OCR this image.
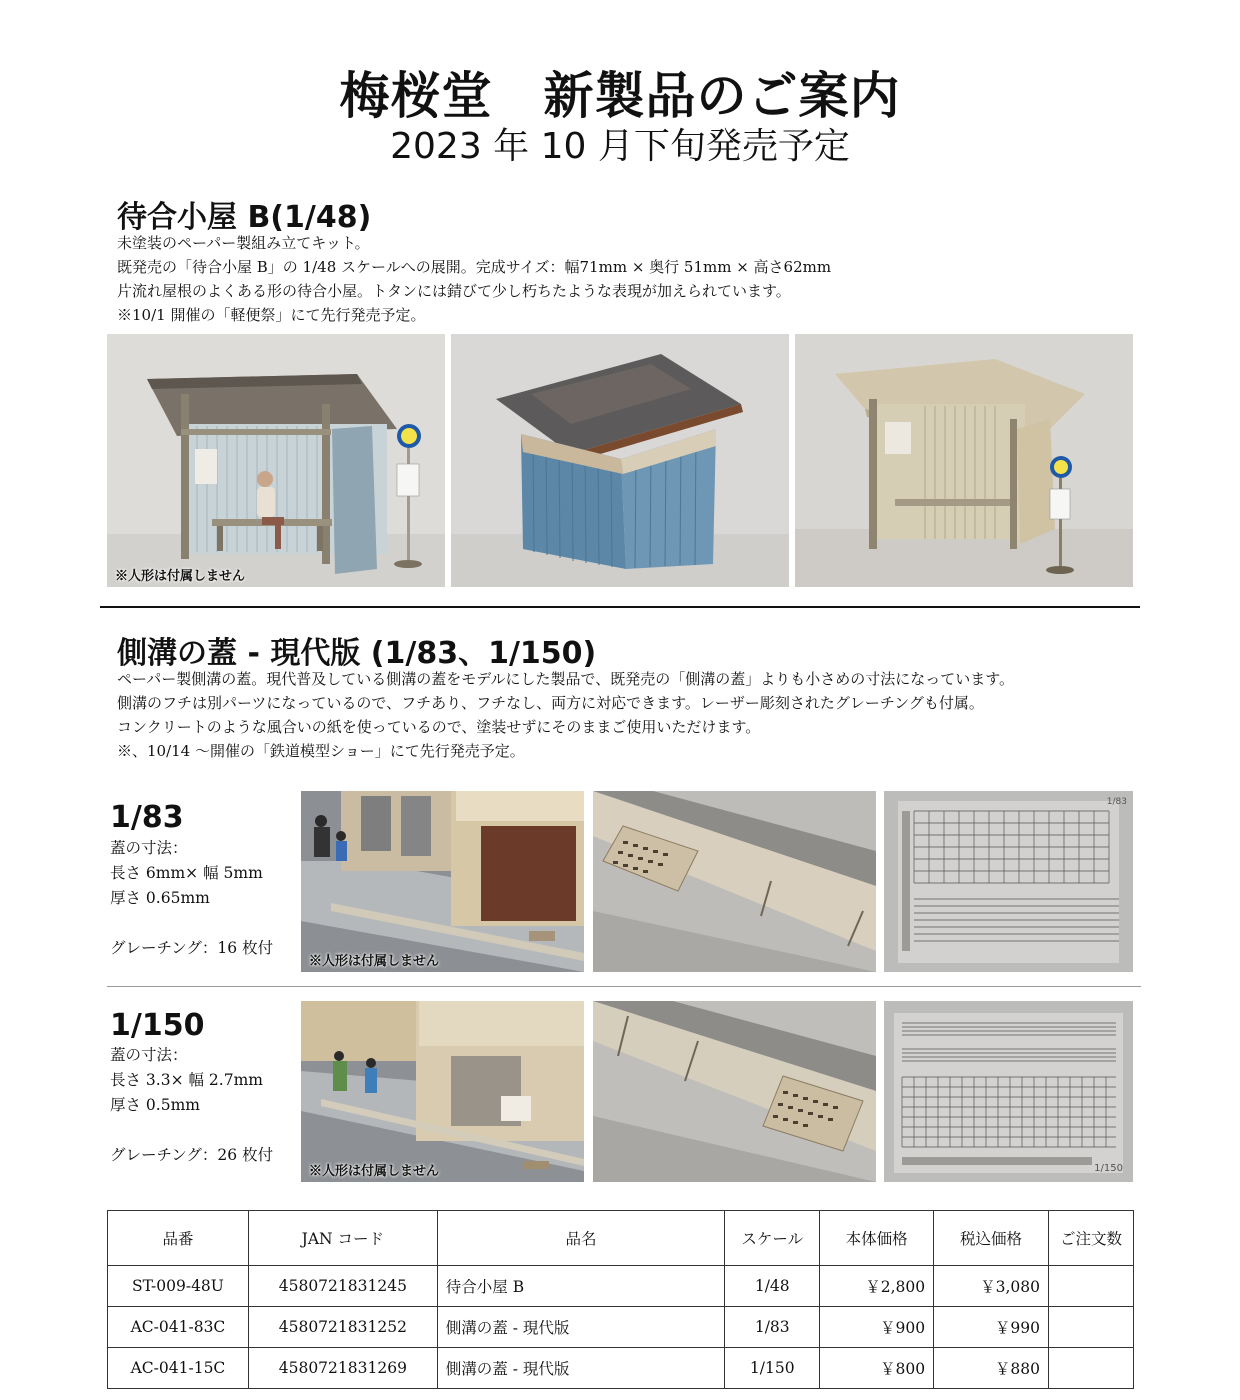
梅桜堂　新製品のご案内
2023 年 10 月下旬発売予定
待合小屋 B(1/48)
未塗装のペーパー製組み立てキット。
既発売の「待合小屋 B」の 1/48 スケールへの展開。完成サイズ：幅71mm × 奥行 51mm × 高さ62mm
片流れ屋根のよくある形の待合小屋。トタンには錆びて少し朽ちたような表現が加えられています。
※10/1 開催の「軽便祭」にて先行発売予定。
※人形は付属しません
側溝の蓋 - 現代版 (1/83、1/150)
ペーパー製側溝の蓋。現代普及している側溝の蓋をモデルにした製品で、既発売の「側溝の蓋」よりも小さめの寸法になっています。
側溝のフチは別パーツになっているので、フチあり、フチなし、両方に対応できます。レーザー彫刻されたグレーチングも付属。
コンクリートのような風合いの紙を使っているので、塗装せずにそのままご使用いただけます。
※、10/14 〜開催の「鉄道模型ショー」にて先行発売予定。
1/83
蓋の寸法：
長さ 6mm× 幅 5mm
厚さ 0.65mm
グレーチング：16 枚付
※人形は付属しません
1/83
1/150
蓋の寸法：
長さ 3.3× 幅 2.7mm
厚さ 0.5mm
グレーチング：26 枚付
※人形は付属しません	1/150
品番	JAN コード	品名	スケール	本体価格	税込価格	ご注文数
ST-009-48U	4580721831245	待合小屋 B	1/48	￥2,800	￥3,080	
AC-041-83C	4580721831252	側溝の蓋 - 現代版	1/83	￥900	￥990	
AC-041-15C	4580721831269	側溝の蓋 - 現代版	1/150	￥800	￥880	
